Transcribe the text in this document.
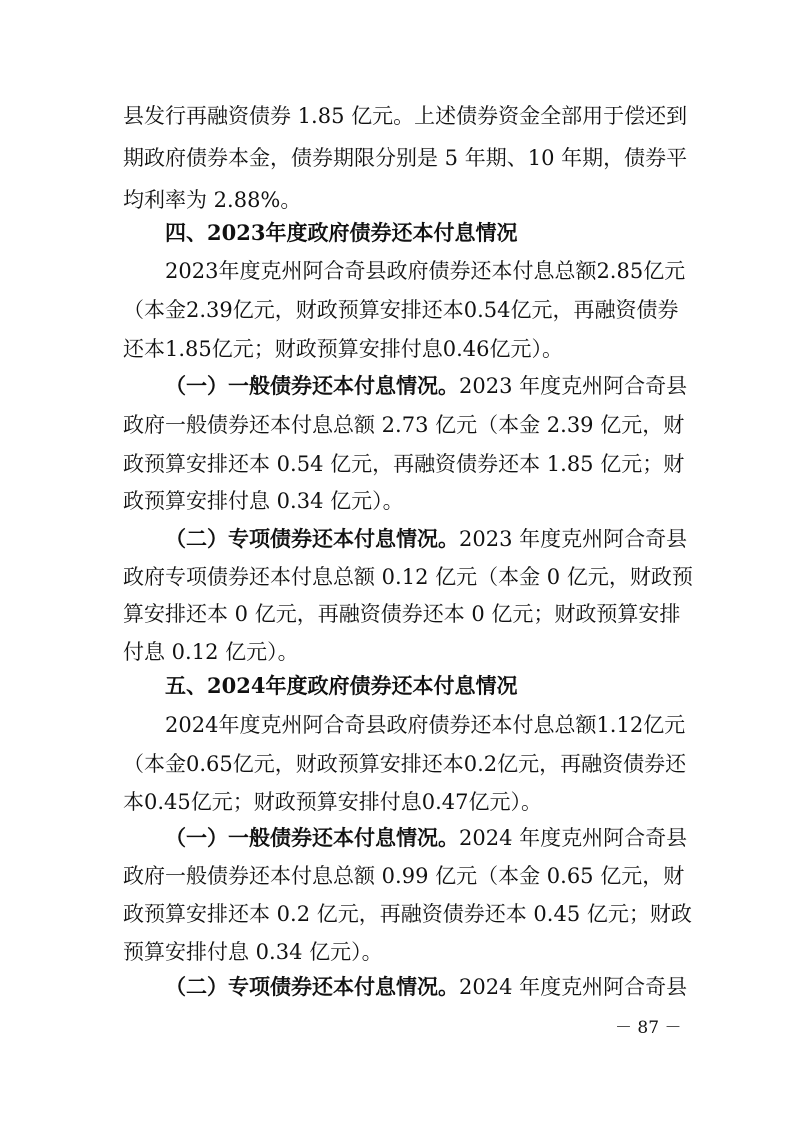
县发行再融资债券 1.85 亿元。上述债券资金全部用于偿还到
期政府债券本金，债券期限分别是 5 年期、10 年期，债券平
均利率为 2.88%。
四、2023年度政府债券还本付息情况
2023年度克州阿合奇县政府债券还本付息总额2.85亿元
（本金2.39亿元，财政预算安排还本0.54亿元，再融资债券
还本1.85亿元；财政预算安排付息0.46亿元）。
（一）一般债券还本付息情况。2023 年度克州阿合奇县
政府一般债券还本付息总额 2.73 亿元（本金 2.39 亿元，财
政预算安排还本 0.54 亿元，再融资债券还本 1.85 亿元；财
政预算安排付息 0.34 亿元）。
（二）专项债券还本付息情况。2023 年度克州阿合奇县
政府专项债券还本付息总额 0.12 亿元（本金 0 亿元，财政预
算安排还本 0 亿元，再融资债券还本 0 亿元；财政预算安排
付息 0.12 亿元）。
五、2024年度政府债券还本付息情况
2024年度克州阿合奇县政府债券还本付息总额1.12亿元
（本金0.65亿元，财政预算安排还本0.2亿元，再融资债券还
本0.45亿元；财政预算安排付息0.47亿元）。
（一）一般债券还本付息情况。2024 年度克州阿合奇县
政府一般债券还本付息总额 0.99 亿元（本金 0.65 亿元，财
政预算安排还本 0.2 亿元，再融资债券还本 0.45 亿元；财政
预算安排付息 0.34 亿元）。
（二）专项债券还本付息情况。2024 年度克州阿合奇县
－ 87 －
